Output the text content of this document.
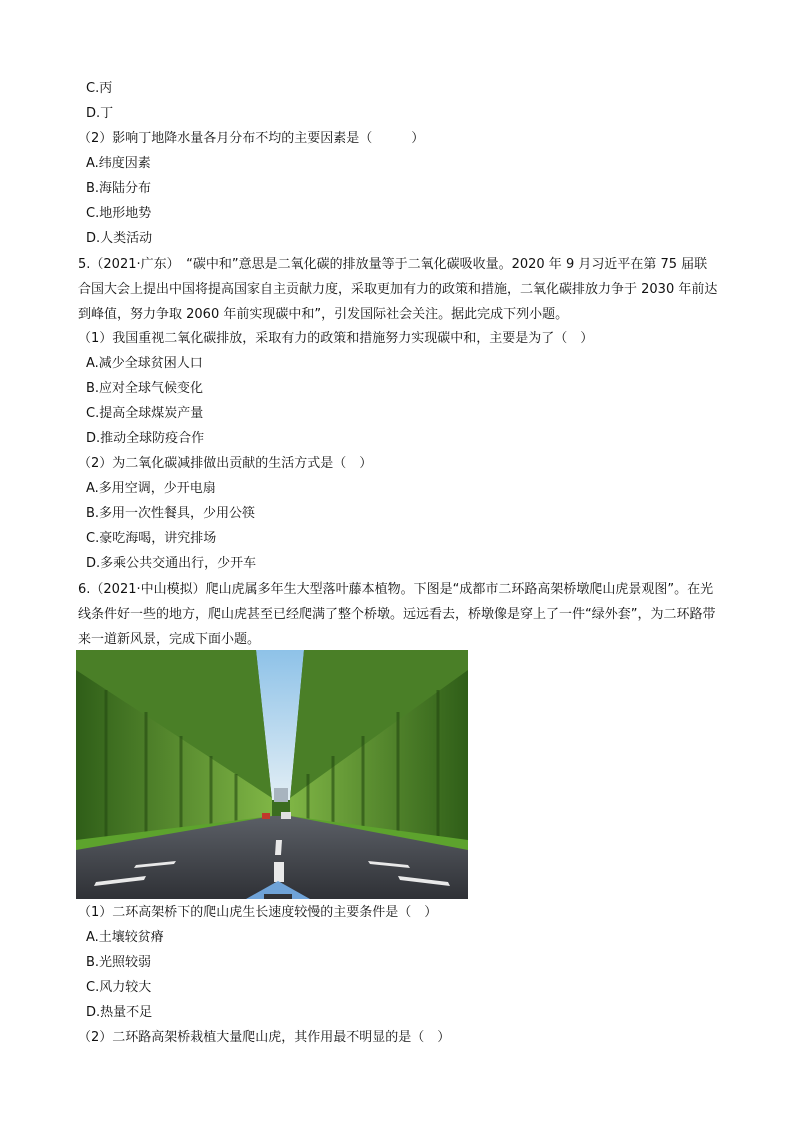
C.丙
D.丁
（2）影响丁地降水量各月分布不均的主要因素是（　　　）
A.纬度因素
B.海陆分布
C.地形地势
D.人类活动
5.（2021·广东）　“碳中和”意思是二氧化碳的排放量等于二氧化碳吸收量。2020 年 9 月习近平在第 75 届联合国大会上提出中国将提高国家自主贡献力度，采取更加有力的政策和措施，二氧化碳排放力争于 2030 年前达到峰值，努力争取 2060 年前实现碳中和”，引发国际社会关注。据此完成下列小题。
（1）我国重视二氧化碳排放，采取有力的政策和措施努力实现碳中和，主要是为了（　）
A.减少全球贫困人口
B.应对全球气候变化
C.提高全球煤炭产量
D.推动全球防疫合作
（2）为二氧化碳减排做出贡献的生活方式是（　）
A.多用空调，少开电扇
B.多用一次性餐具，少用公筷
C.豪吃海喝，讲究排场
D.多乘公共交通出行，少开车
6.（2021·中山模拟）爬山虎属多年生大型落叶藤本植物。下图是“成都市二环路高架桥墩爬山虎景观图”。在光线条件好一些的地方，爬山虎甚至已经爬满了整个桥墩。远远看去，桥墩像是穿上了一件“绿外套”，为二环路带来一道新风景，完成下面小题。
（1）二环高架桥下的爬山虎生长速度较慢的主要条件是（　）
A.土壤较贫瘠
B.光照较弱
C.风力较大
D.热量不足
（2）二环路高架桥栽植大量爬山虎，其作用最不明显的是（　）
